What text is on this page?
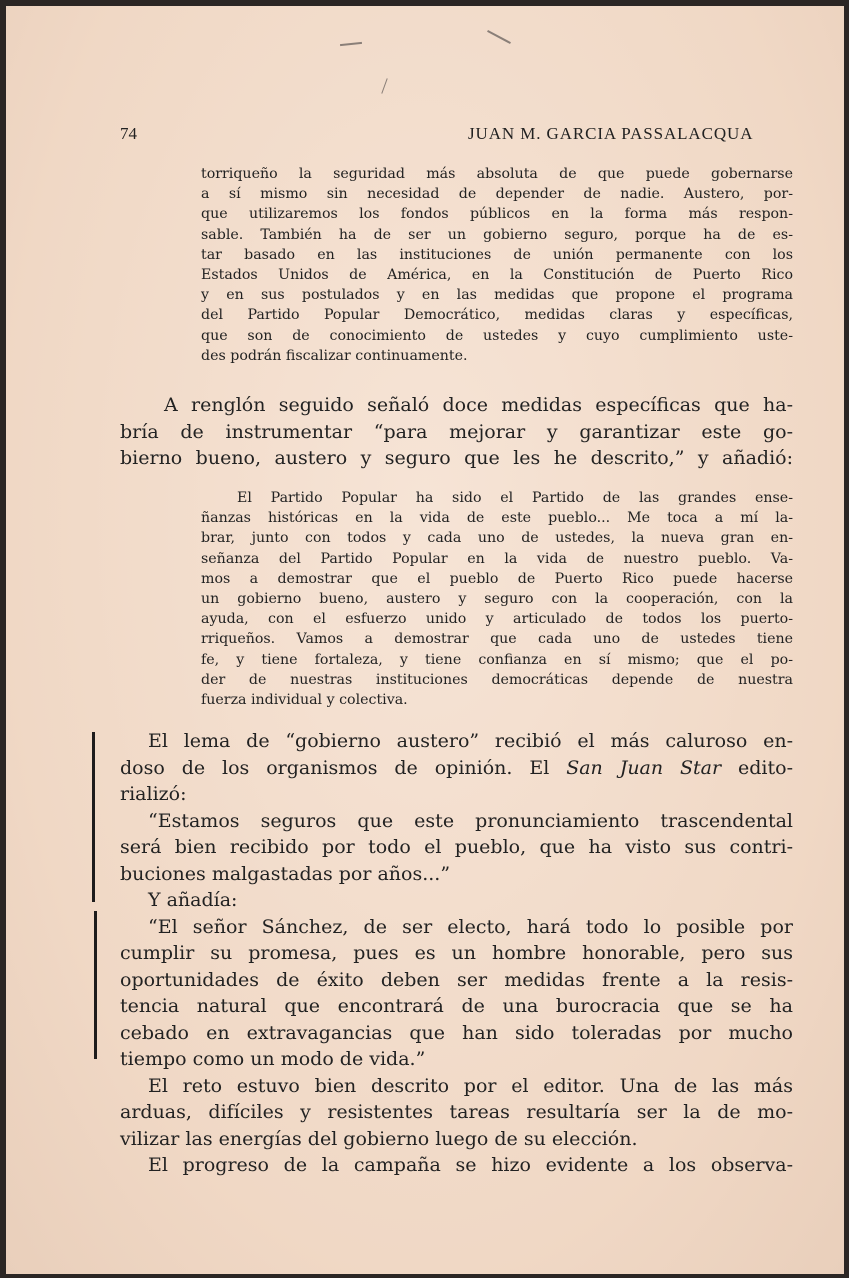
74	JUAN M. GARCIA PASSALACQUA

torriqueño la seguridad más absoluta de que puede gobernarse
a sí mismo sin necesidad de depender de nadie. Austero, por-
que utilizaremos los fondos públicos en la forma más respon-
sable. También ha de ser un gobierno seguro, porque ha de es-
tar basado en las instituciones de unión permanente con los
Estados Unidos de América, en la Constitución de Puerto Rico
y en sus postulados y en las medidas que propone el programa
del Partido Popular Democrático, medidas claras y específicas,
que son de conocimiento de ustedes y cuyo cumplimiento uste-
des podrán fiscalizar continuamente.
A renglón seguido señaló doce medidas específicas que ha-
bría de instrumentar “para mejorar y garantizar este go-
bierno bueno, austero y seguro que les he descrito,” y añadió:
El Partido Popular ha sido el Partido de las grandes ense-
ñanzas históricas en la vida de este pueblo... Me toca a mí la-
brar, junto con todos y cada uno de ustedes, la nueva gran en-
señanza del Partido Popular en la vida de nuestro pueblo. Va-
mos a demostrar que el pueblo de Puerto Rico puede hacerse
un gobierno bueno, austero y seguro con la cooperación, con la
ayuda, con el esfuerzo unido y articulado de todos los puerto-
rriqueños. Vamos a demostrar que cada uno de ustedes tiene
fe, y tiene fortaleza, y tiene confianza en sí mismo; que el po-
der de nuestras instituciones democráticas depende de nuestra
fuerza individual y colectiva.
El lema de “gobierno austero” recibió el más caluroso en-
doso de los organismos de opinión. El San Juan Star edito-
rializó:
“Estamos seguros que este pronunciamiento trascendental
será bien recibido por todo el pueblo, que ha visto sus contri-
buciones malgastadas por años...”
Y añadía:
“El señor Sánchez, de ser electo, hará todo lo posible por
cumplir su promesa, pues es un hombre honorable, pero sus
oportunidades de éxito deben ser medidas frente a la resis-
tencia natural que encontrará de una burocracia que se ha
cebado en extravagancias que han sido toleradas por mucho
tiempo como un modo de vida.”
El reto estuvo bien descrito por el editor. Una de las más
arduas, difíciles y resistentes tareas resultaría ser la de mo-
vilizar las energías del gobierno luego de su elección.
El progreso de la campaña se hizo evidente a los observa-
